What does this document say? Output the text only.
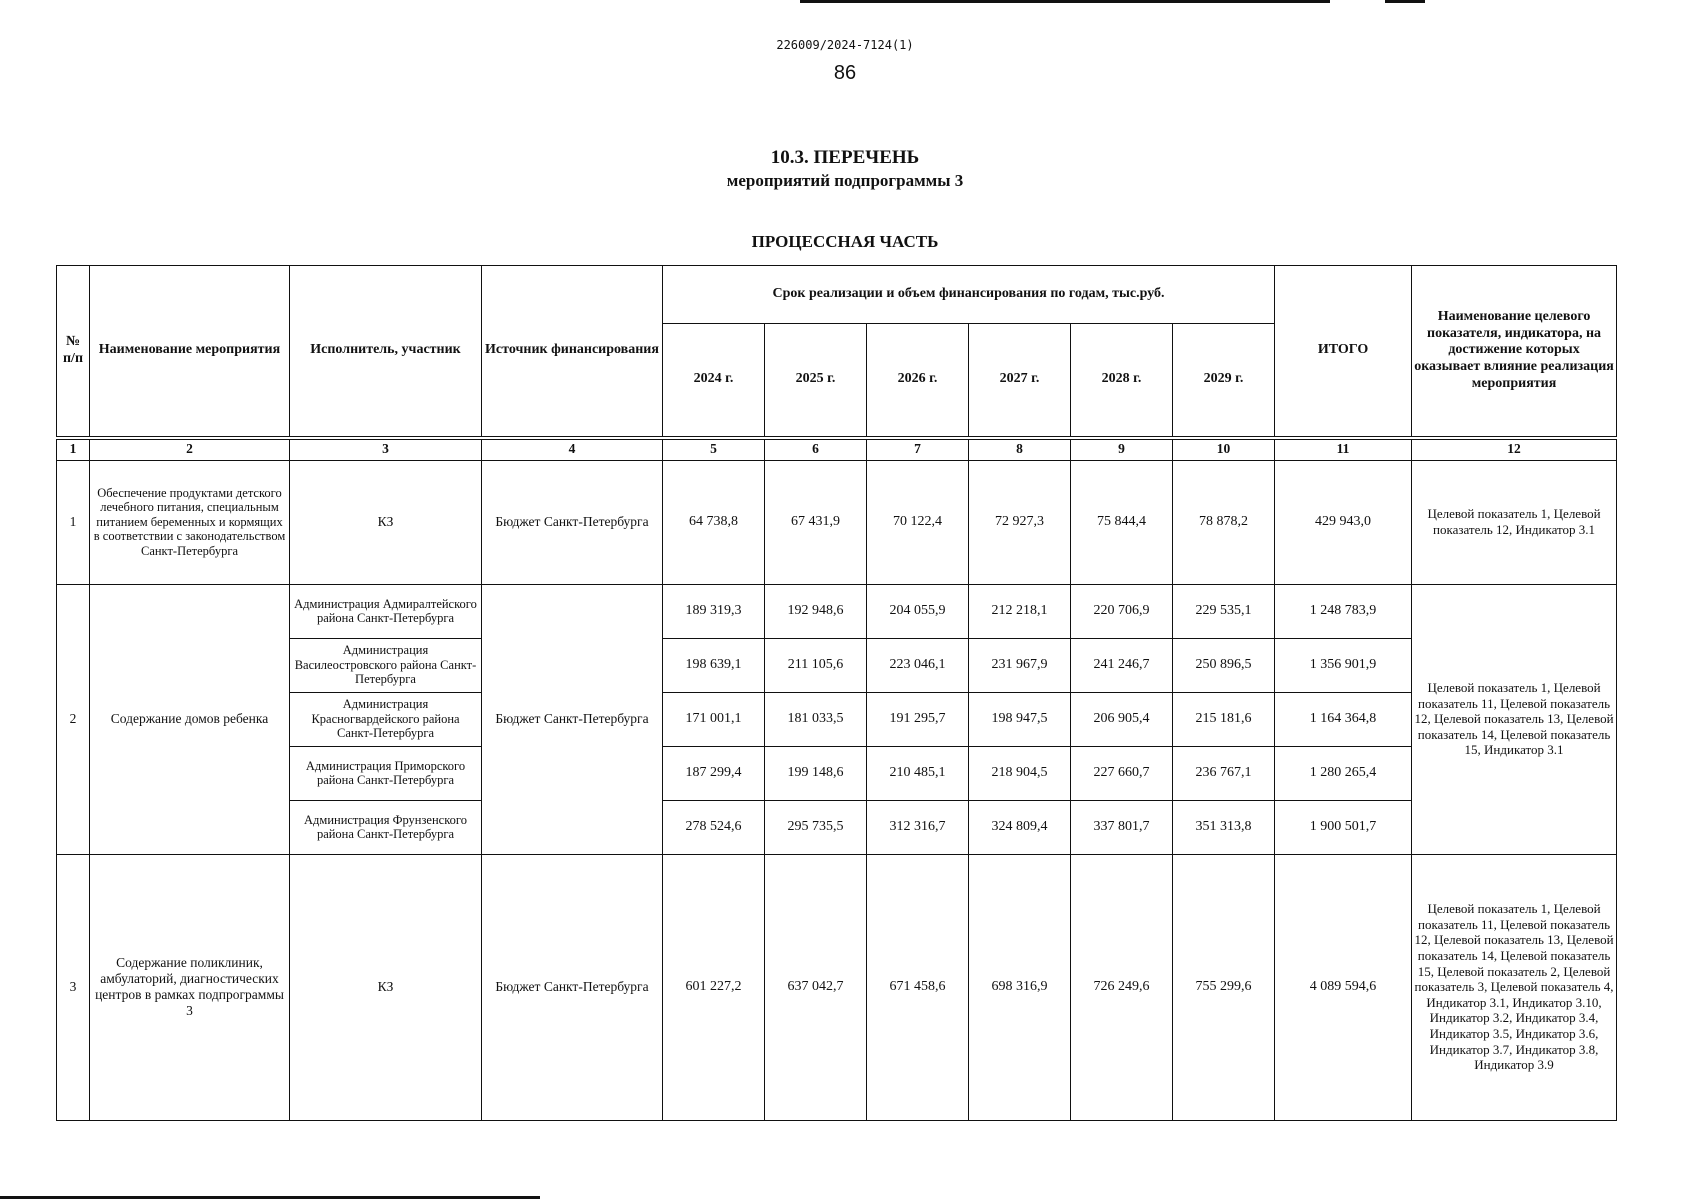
226009/2024-7124(1)
86
10.3. ПЕРЕЧЕНЬ
мероприятий подпрограммы 3
ПРОЦЕССНАЯ ЧАСТЬ
№ п/п	Наименование мероприятия	Исполнитель, участник	Источник финансирования	Срок реализации и объем финансирования по годам, тыс.руб.						ИТОГО	Наименование целевого показателя, индикатора, на достижение которых оказывает влияние реализация мероприятия
				2024 г.	2025 г.	2026 г.	2027 г.	2028 г.	2029 г.		
1	2	3	4	5	6	7	8	9	10	11	12
1	Обеспечение продуктами детского лечебного питания, специальным питанием беременных и кормящих в соответствии с законодательством Санкт-Петербурга	КЗ	Бюджет Санкт-Петербурга	64 738,8	67 431,9	70 122,4	72 927,3	75 844,4	78 878,2	429 943,0	Целевой показатель 1, Целевой показатель 12, Индикатор 3.1
2	Содержание домов ребенка	Администрация Адмиралтейского района Санкт-Петербурга	Бюджет Санкт-Петербурга	189 319,3	192 948,6	204 055,9	212 218,1	220 706,9	229 535,1	1 248 783,9	Целевой показатель 1, Целевой показатель 11, Целевой показатель 12, Целевой показатель 13, Целевой показатель 14, Целевой показатель 15, Индикатор 3.1
		Администрация Василеостровского района Санкт-Петербурга		198 639,1	211 105,6	223 046,1	231 967,9	241 246,7	250 896,5	1 356 901,9	
		Администрация Красногвардейского района Санкт-Петербурга		171 001,1	181 033,5	191 295,7	198 947,5	206 905,4	215 181,6	1 164 364,8	
		Администрация Приморского района Санкт-Петербурга		187 299,4	199 148,6	210 485,1	218 904,5	227 660,7	236 767,1	1 280 265,4	
		Администрация Фрунзенского района Санкт-Петербурга		278 524,6	295 735,5	312 316,7	324 809,4	337 801,7	351 313,8	1 900 501,7	
3	Содержание поликлиник, амбулаторий, диагностических центров в рамках подпрограммы 3	КЗ	Бюджет Санкт-Петербурга	601 227,2	637 042,7	671 458,6	698 316,9	726 249,6	755 299,6	4 089 594,6	Целевой показатель 1, Целевой показатель 11, Целевой показатель 12, Целевой показатель 13, Целевой показатель 14, Целевой показатель 15, Целевой показатель 2, Целевой показатель 3, Целевой показатель 4, Индикатор 3.1, Индикатор 3.10, Индикатор 3.2, Индикатор 3.4, Индикатор 3.5, Индикатор 3.6, Индикатор 3.7, Индикатор 3.8, Индикатор 3.9
